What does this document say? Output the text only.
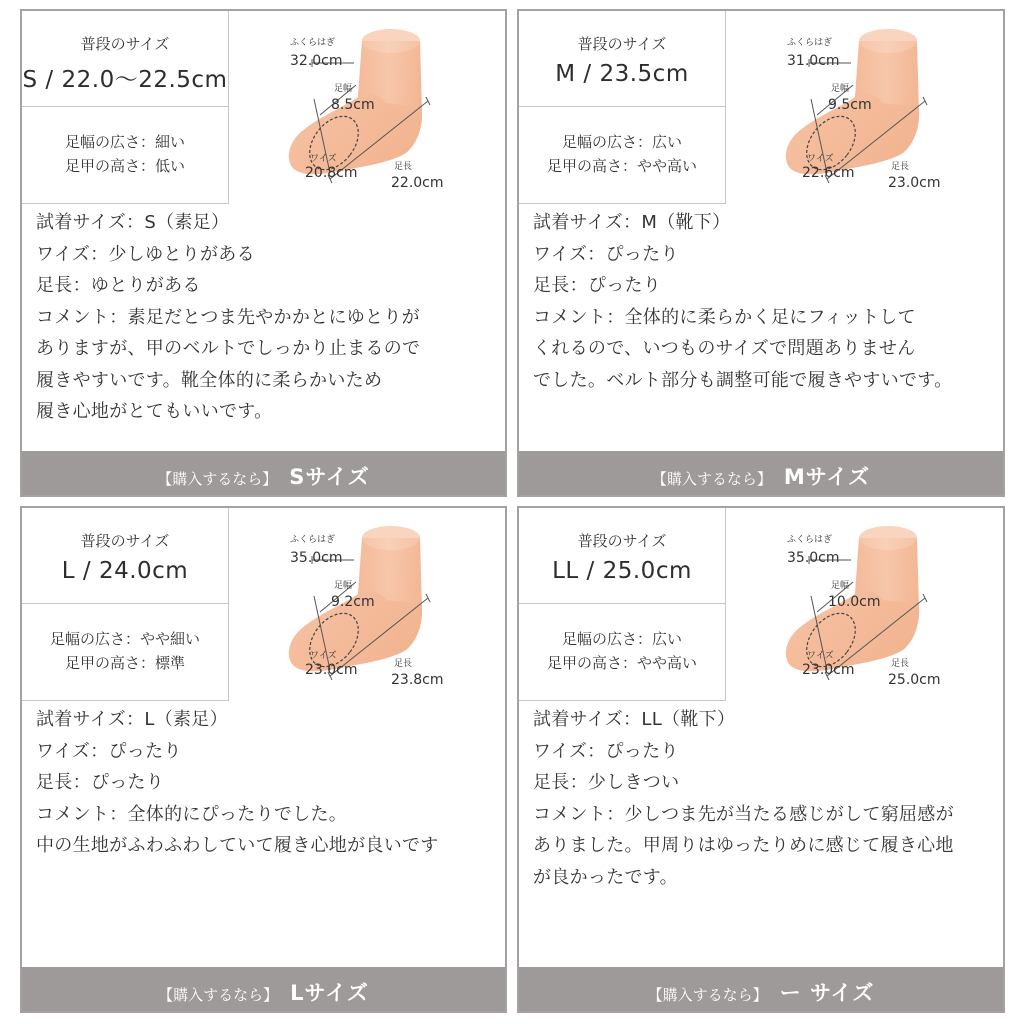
普段のサイズ
S / 22.0〜22.5cm
足幅の広さ：細い
足甲の高さ：低い
ふくらはぎ
32.0cm
足幅
8.5cm
ワイズ
20.8cm	足長
22.0cm
試着サイズ：S（素足）
ワイズ：少しゆとりがある
足長：ゆとりがある
コメント：素足だとつま先やかかとにゆとりが
ありますが、甲のベルトでしっかり止まるので
履きやすいです。靴全体的に柔らかいため
履き心地がとてもいいです。
【購入するなら】 Sサイズ
普段のサイズ
M / 23.5cm
足幅の広さ：広い
足甲の高さ：やや高い
ふくらはぎ
31.0cm
足幅
9.5cm
ワイズ
22.6cm	足長
23.0cm
試着サイズ：M（靴下）
ワイズ：ぴったり
足長：ぴったり
コメント：全体的に柔らかく足にフィットして
くれるので、いつものサイズで問題ありません
でした。ベルト部分も調整可能で履きやすいです。
【購入するなら】 Mサイズ
普段のサイズ
L / 24.0cm
足幅の広さ：やや細い
足甲の高さ：標準
ふくらはぎ
35.0cm
足幅
9.2cm
ワイズ
23.0cm	足長
23.8cm
試着サイズ：L（素足）
ワイズ：ぴったり
足長：ぴったり
コメント：全体的にぴったりでした。
中の生地がふわふわしていて履き心地が良いです
【購入するなら】 Lサイズ
普段のサイズ
LL / 25.0cm
足幅の広さ：広い
足甲の高さ：やや高い
ふくらはぎ
35.0cm
足幅
10.0cm
ワイズ
23.0cm	足長
25.0cm
試着サイズ：LL（靴下）
ワイズ：ぴったり
足長：少しきつい
コメント：少しつま先が当たる感じがして窮屈感が
ありました。甲周りはゆったりめに感じて履き心地
が良かったです。
【購入するなら】 ー サイズ
